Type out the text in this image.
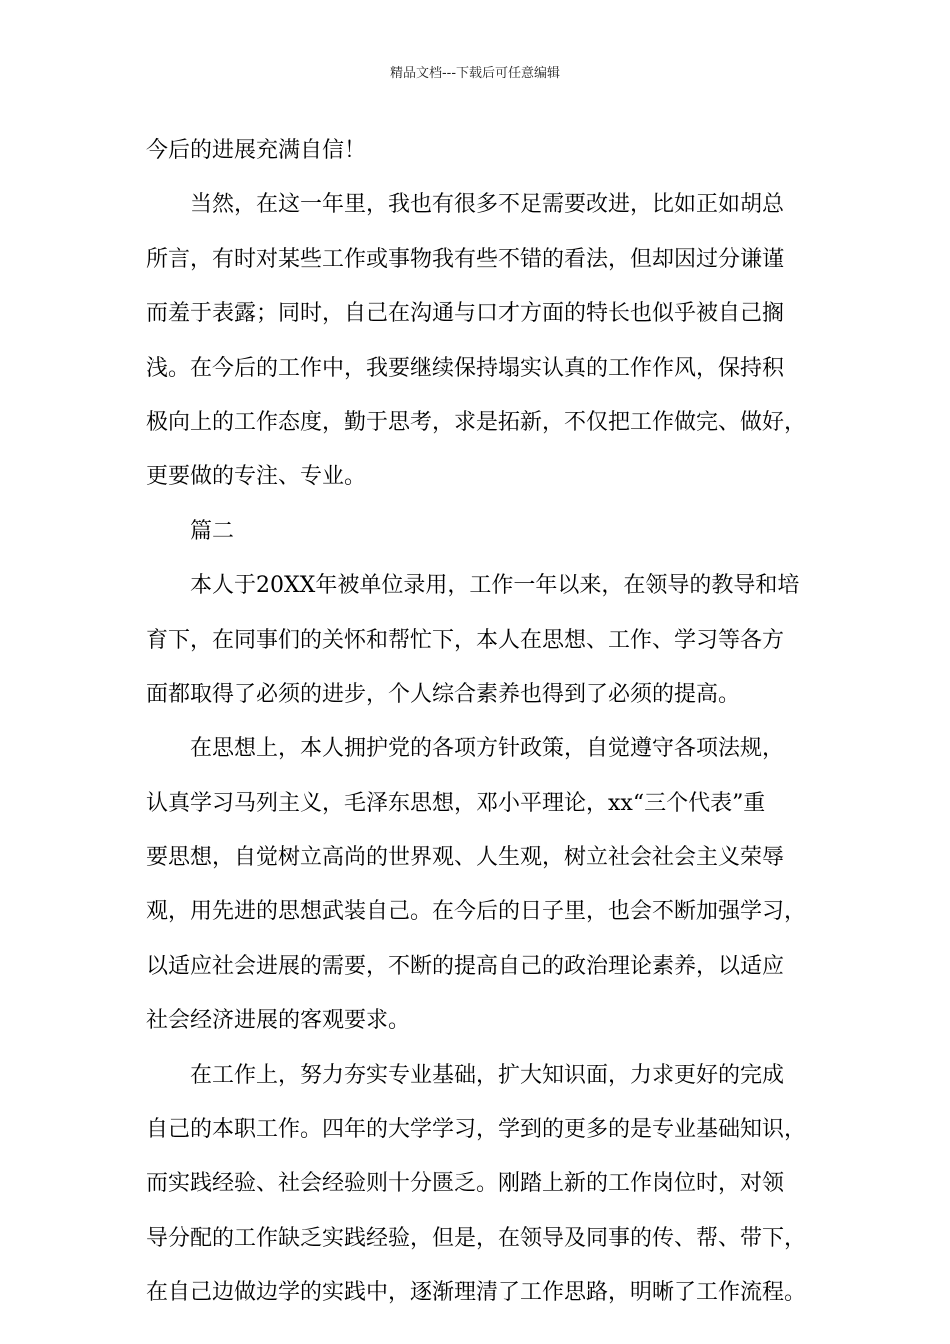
精品文档---下载后可任意编辑
今后的进展充满自信！
当然，在这一年里，我也有很多不足需要改进，比如正如胡总
所言，有时对某些工作或事物我有些不错的看法，但却因过分谦谨
而羞于表露；同时，自己在沟通与口才方面的特长也似乎被自己搁
浅。在今后的工作中，我要继续保持塌实认真的工作作风，保持积
极向上的工作态度，勤于思考，求是拓新，不仅把工作做完、做好，
更要做的专注、专业。
篇二
本人于20XX年被单位录用，工作一年以来，在领导的教导和培
育下，在同事们的关怀和帮忙下，本人在思想、工作、学习等各方
面都取得了必须的进步，个人综合素养也得到了必须的提高。
在思想上，本人拥护党的各项方针政策，自觉遵守各项法规，
认真学习马列主义，毛泽东思想，邓小平理论，xx“三个代表”重
要思想，自觉树立高尚的世界观、人生观，树立社会社会主义荣辱
观，用先进的思想武装自己。在今后的日子里，也会不断加强学习，
以适应社会进展的需要，不断的提高自己的政治理论素养，以适应
社会经济进展的客观要求。
在工作上，努力夯实专业基础，扩大知识面，力求更好的完成
自己的本职工作。四年的大学学习，学到的更多的是专业基础知识，
而实践经验、社会经验则十分匮乏。刚踏上新的工作岗位时，对领
导分配的工作缺乏实践经验，但是，在领导及同事的传、帮、带下，
在自己边做边学的实践中，逐渐理清了工作思路，明晰了工作流程。
